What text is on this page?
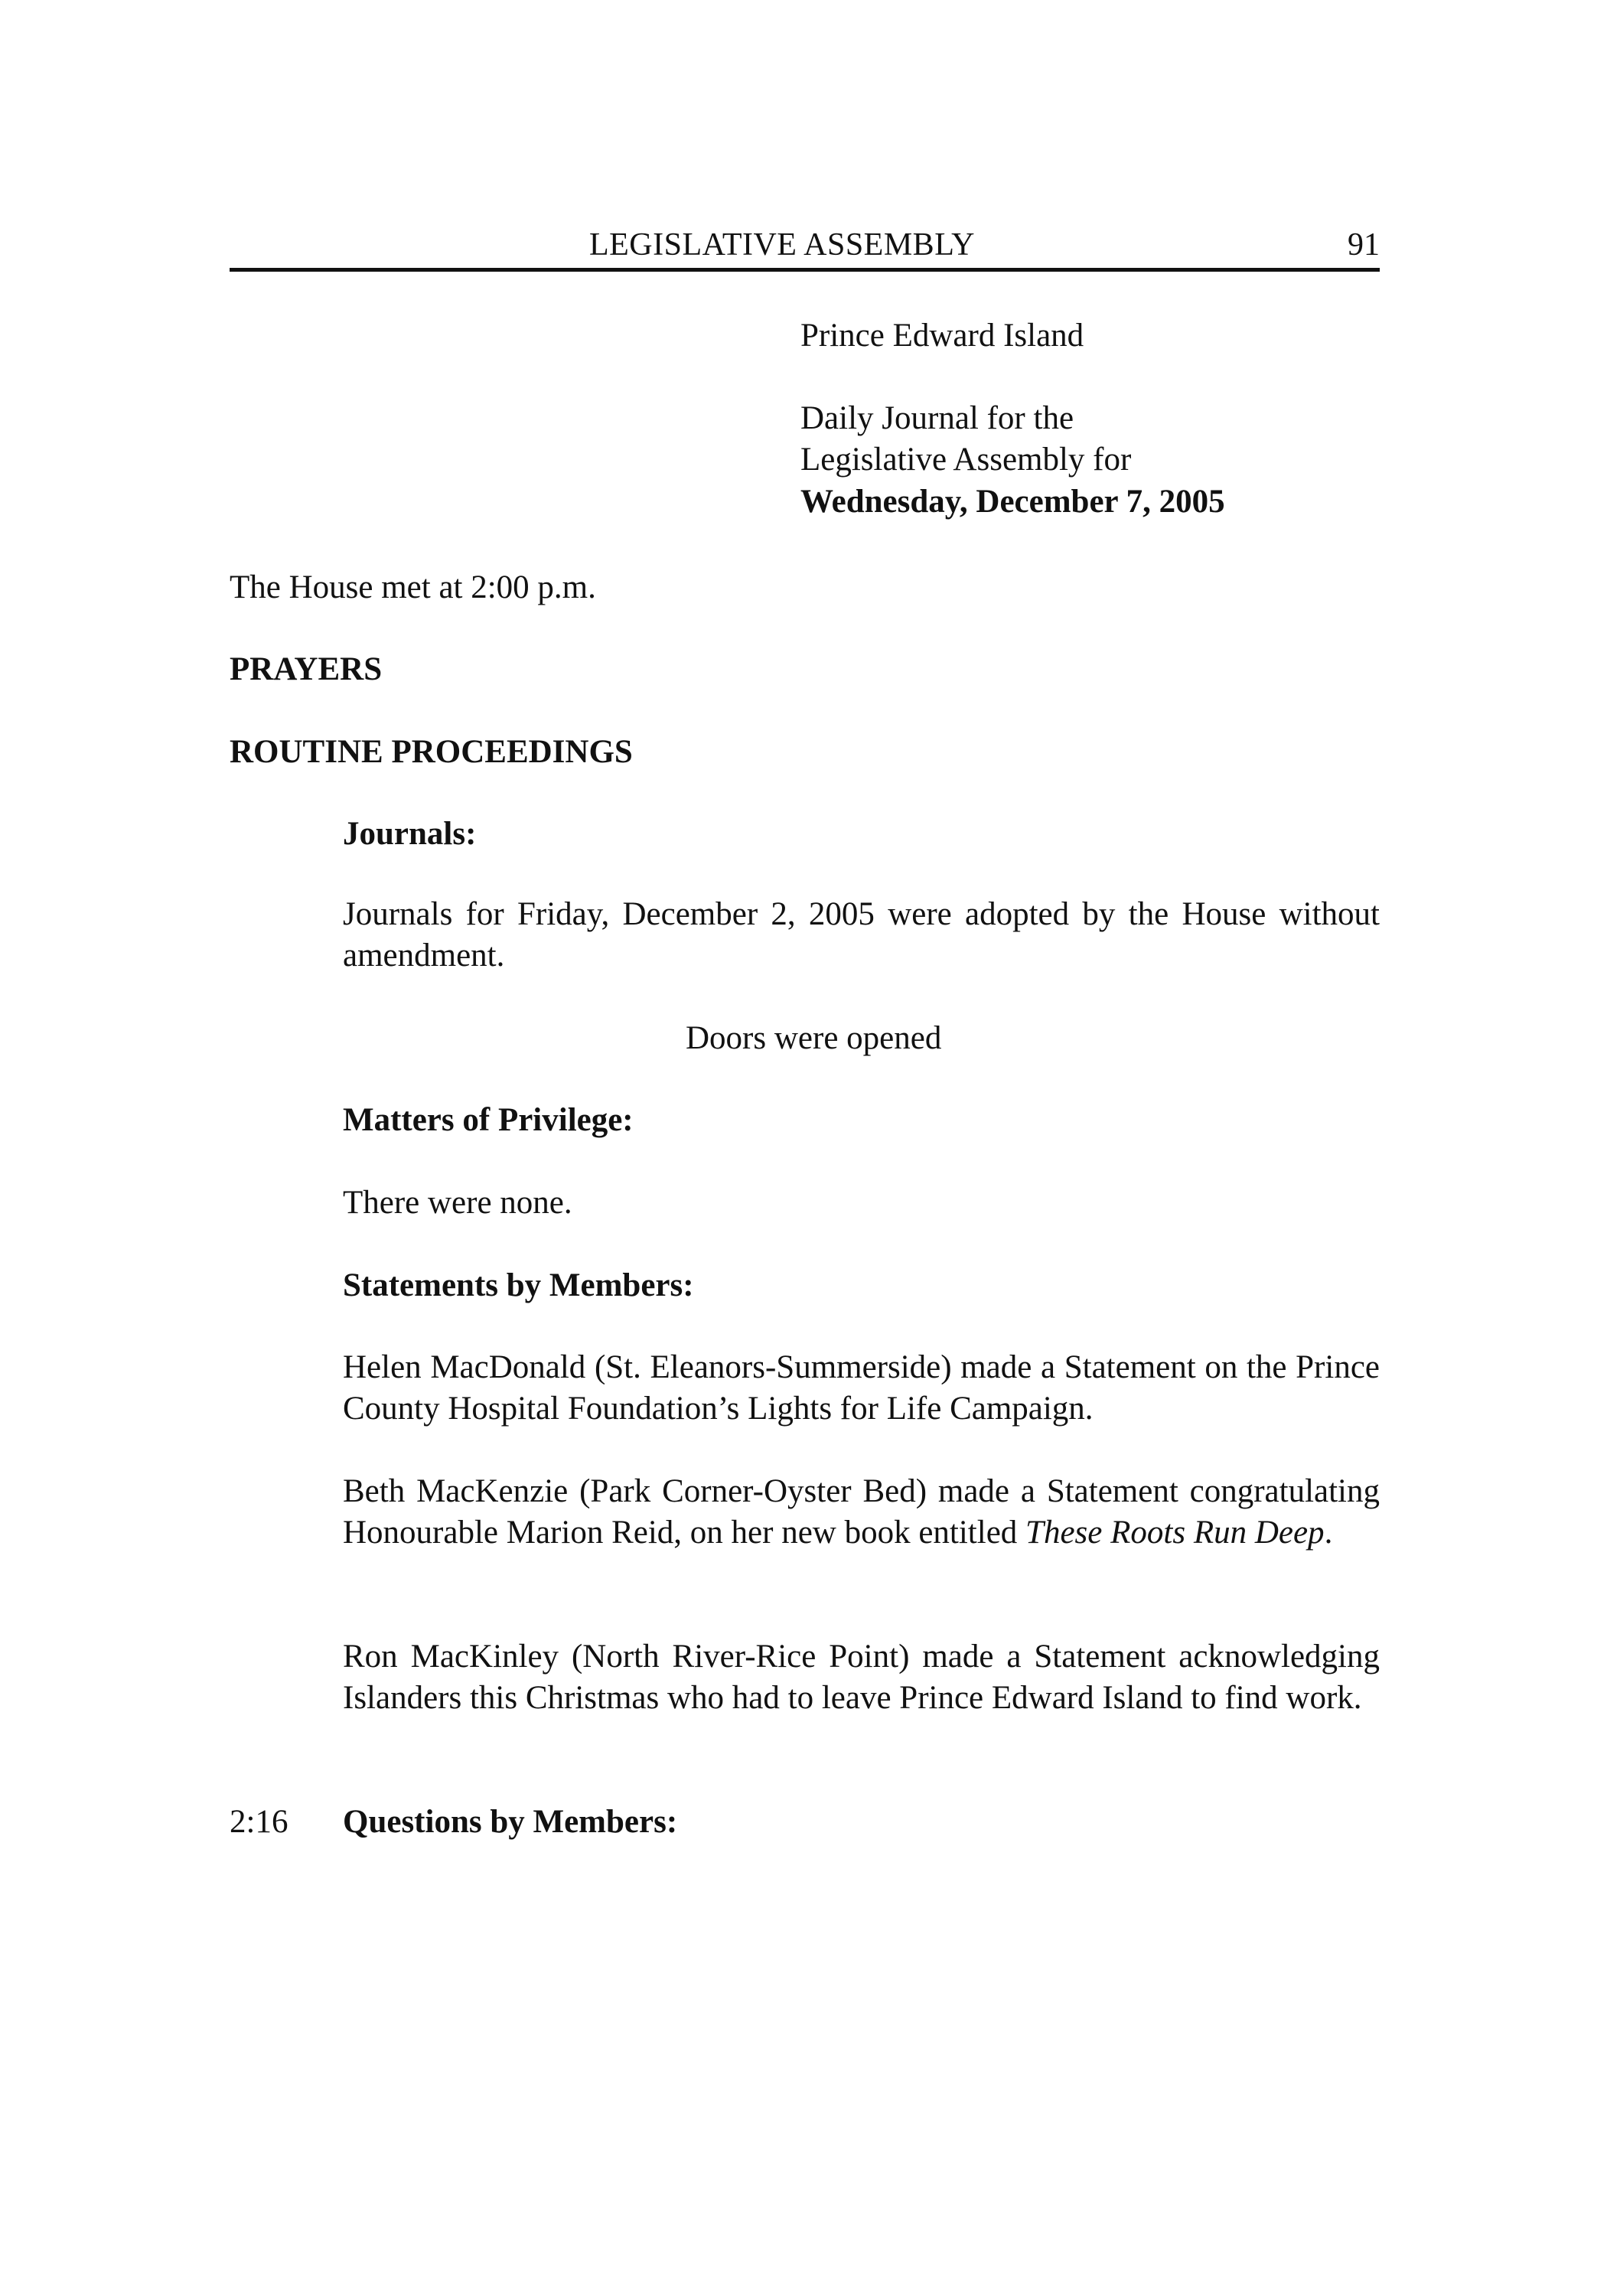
LEGISLATIVE ASSEMBLY	91
Prince Edward Island
Daily Journal for the
Legislative Assembly for
Wednesday, December 7, 2005
The House met at 2:00 p.m.
PRAYERS
ROUTINE PROCEEDINGS
Journals:
Journals for Friday, December 2, 2005 were adopted by the House without amendment.
Doors were opened
Matters of Privilege:
There were none.
Statements by Members:
Helen MacDonald (St. Eleanors-Summerside) made a Statement on the Prince County Hospital Foundation’s Lights for Life Campaign.
Beth MacKenzie (Park Corner-Oyster Bed) made a Statement congratulating Honourable Marion Reid, on her new book entitled These Roots Run Deep.
Ron MacKinley (North River-Rice Point) made a Statement acknowledging Islanders this Christmas who had to leave Prince Edward Island to find work.
2:16 Questions by Members:
